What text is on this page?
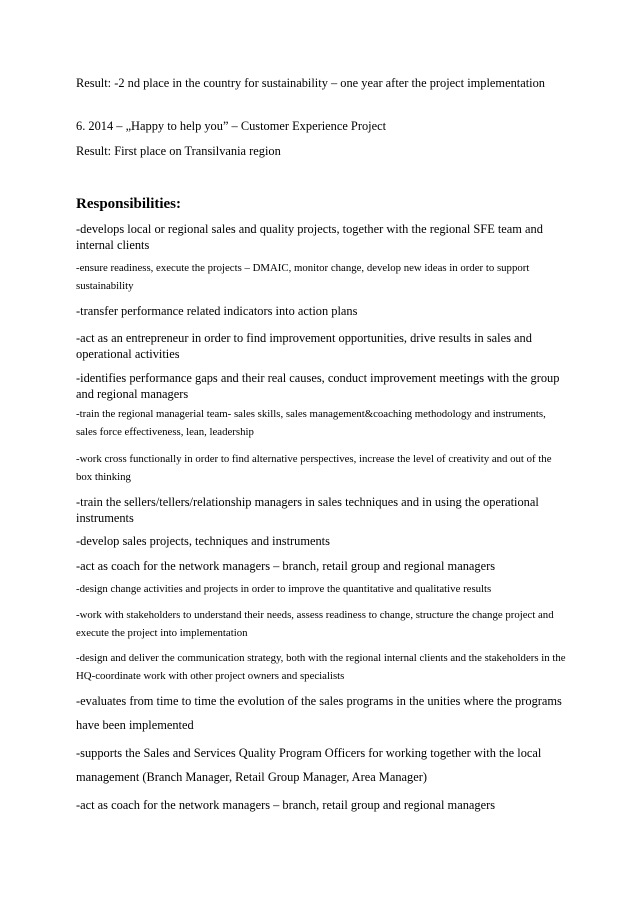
Result: -2 nd place in the country for sustainability – one year after the project implementation

6. 2014 – „Happy to help you” – Customer Experience Project

Result: First place on Transilvania region

Responsibilities:

-develops local or regional sales and quality projects, together with the regional SFE team and internal clients

-ensure readiness, execute the projects – DMAIC, monitor change, develop new ideas in order to support sustainability

-transfer performance related indicators into action plans

-act as an entrepreneur in order to find improvement opportunities, drive results in sales and operational activities

-identifies performance gaps and their real causes, conduct improvement meetings with the group and regional managers

-train the regional managerial team- sales skills, sales management&coaching methodology and instruments, sales force effectiveness, lean, leadership

-work cross functionally in order to find alternative perspectives, increase the level of creativity and out of the box thinking

-train the sellers/tellers/relationship managers in sales techniques and in using the operational instruments

-develop sales projects, techniques and instruments

-act as coach for the network managers – branch, retail group and regional managers

-design change activities and projects in order to improve the quantitative and qualitative results

-work with stakeholders to understand their needs, assess readiness to change, structure the change project and execute the project into implementation

-design and deliver the communication strategy, both with the regional internal clients and the stakeholders in the HQ-coordinate work with other project owners and specialists

-evaluates from time to time the evolution of the sales programs in the unities where the programs have been implemented

-supports the Sales and Services Quality Program Officers for working together with the local management (Branch Manager, Retail Group Manager, Area Manager)

-act as coach for the network managers – branch, retail group and regional managers
